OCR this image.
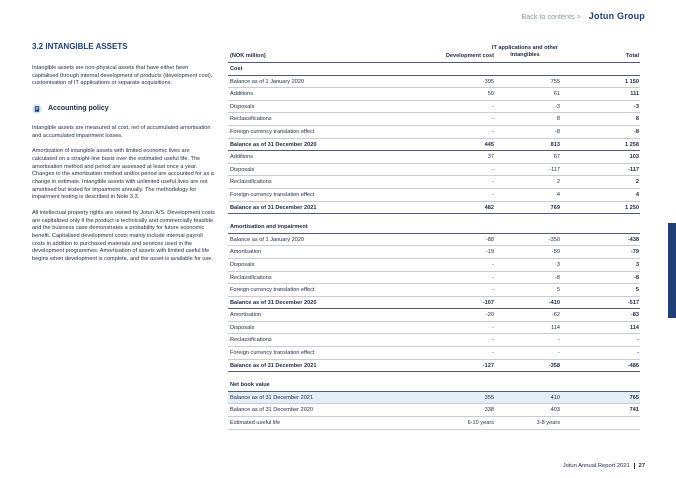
Back to contents > Jotun Group
3.2 INTANGIBLE ASSETS

Intangible assets are non-physical assets that have either been capitalised through internal development of products (development cost), customisation of IT applications or separate acquisitions.

Accounting policy

Intangible assets are measured at cost, net of accumulated amortisation and accumulated impairment losses.

Amortisation of intangible assets with limited economic lives are calculated on a straight-line basis over the estimated useful life. The amortisation method and period are assessed at least once a year. Changes to the amortisation method and/or period are accounted for as a change in estimate. Intangible assets with unlimited useful lives are not amortised but tested for impairment annually. The methodology for impairment testing is described in Note 3.3.

All intellectual property rights are owned by Jotun A/S. Development costs are capitalised only if the product is technically and commercially feasible and the business case demonstrates a probability for future economic benefit. Capitalised development costs mainly include internal payroll costs in addition to purchased materials and services used in the development programmes. Amortisation of assets with limited useful life begins when development is complete, and the asset is available for use.

(NOK million)	Development cost
IT applications and other
intangibles	Total
Cost
Balance as of 1 January 2020	395	755	1 150
Additions	50	61	111
Disposals	-	-3	-3
Reclassifications	-	8	8
Foreign currency translation effect	-	-8	-8
Balance as of 31 December 2020	445	813	1 258
Additions	37	67	103
Disposals	-	-117	-117
Reclassifications	-	2	2
Foreign currency translation effect	-	4	4
Balance as of 31 December 2021	482	769	1 250
Amortisation and impairment
Balance as of 1 January 2020	-88	-350	-438
Amortisation	-19	-59	-79
Disposals	-	3	3
Reclassifications	-	-8	-8
Foreign currency translation effect	-	5	5
Balance as of 31 December 2020	-107	-410	-517
Amortisation	-20	-62	-83
Disposals	-	114	114
Reclassifications	-	-	-
Foreign currency translation effect	-	-	-
Balance as of 31 December 2021	-127	-358	-486
Net book value
Balance as of 31 December 2021	355	410	765
Balance as of 31 December 2020	338	403	741
Estimated useful life	6-10 years	3-8 years
Jotun Annual Report 2021 27
